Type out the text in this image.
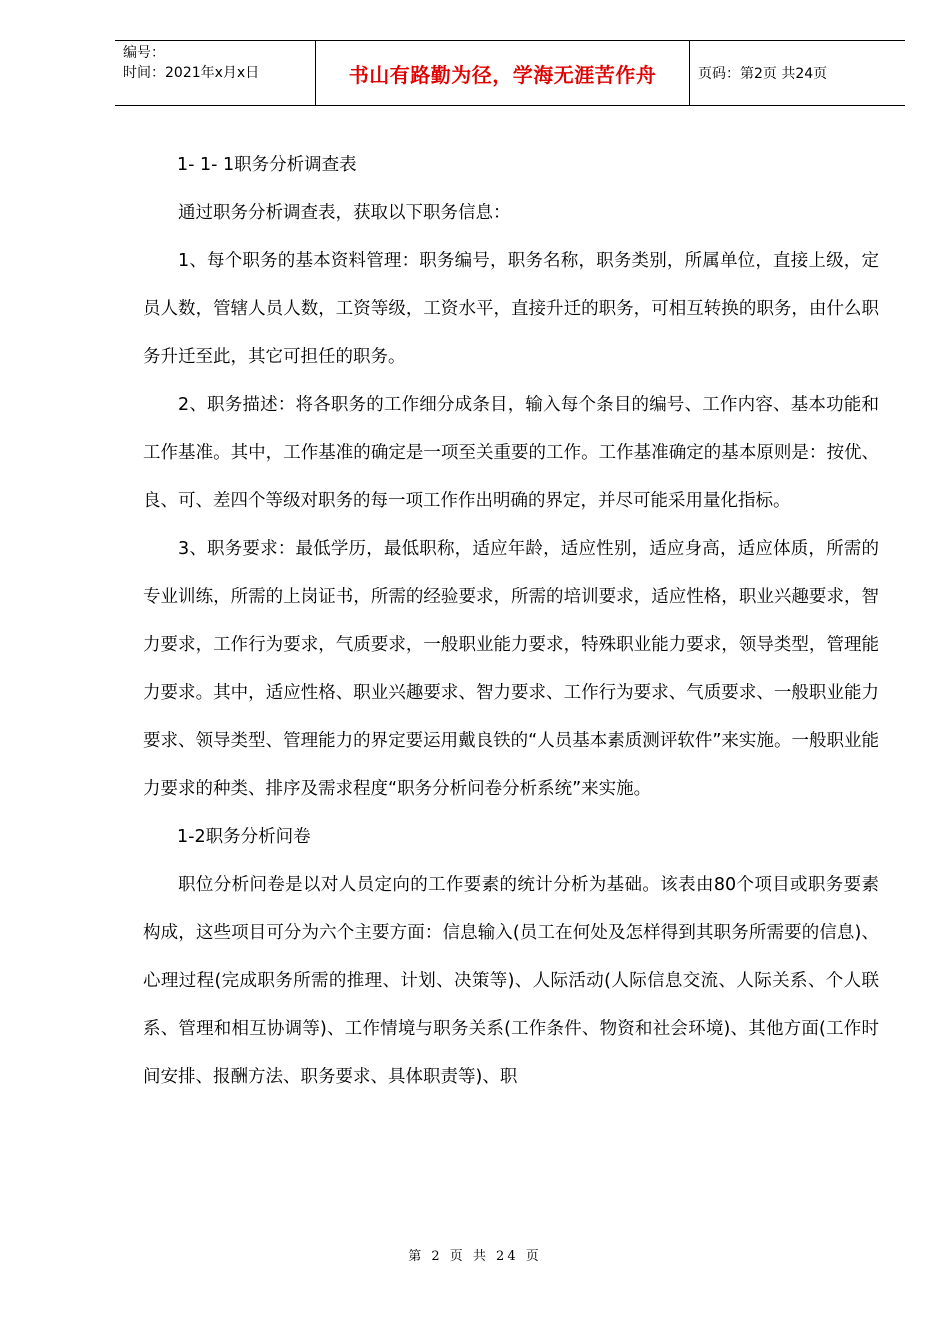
编号：
时间：2021年x月x日	书山有路勤为径，学海无涯苦作舟	页码：第2页 共24页

1- 1- 1职务分析调查表

通过职务分析调查表，获取以下职务信息：

1、每个职务的基本资料管理：职务编号，职务名称，职务类别，所属单位，直接上级，定员人数，管辖人员人数，工资等级，工资水平，直接升迁的职务，可相互转换的职务，由什么职务升迁至此，其它可担任的职务。

2、职务描述：将各职务的工作细分成条目，输入每个条目的编号、工作内容、基本功能和工作基准。其中，工作基准的确定是一项至关重要的工作。工作基准确定的基本原则是：按优、良、可、差四个等级对职务的每一项工作作出明确的界定，并尽可能采用量化指标。

3、职务要求：最低学历，最低职称，适应年龄，适应性别，适应身高，适应体质，所需的专业训练，所需的上岗证书，所需的经验要求，所需的培训要求，适应性格，职业兴趣要求，智力要求，工作行为要求，气质要求，一般职业能力要求，特殊职业能力要求，领导类型，管理能力要求。其中，适应性格、职业兴趣要求、智力要求、工作行为要求、气质要求、一般职业能力要求、领导类型、管理能力的界定要运用戴良铁的“人员基本素质测评软件”来实施。一般职业能力要求的种类、排序及需求程度“职务分析问卷分析系统”来实施。

1-2职务分析问卷

职位分析问卷是以对人员定向的工作要素的统计分析为基础。该表由80个项目或职务要素构成，这些项目可分为六个主要方面：信息输入(员工在何处及怎样得到其职务所需要的信息)、心理过程(完成职务所需的推理、计划、决策等)、人际活动(人际信息交流、人际关系、个人联系、管理和相互协调等)、工作情境与职务关系(工作条件、物资和社会环境)、其他方面(工作时间安排、报酬方法、职务要求、具体职责等)、职

第 2 页 共 24 页
